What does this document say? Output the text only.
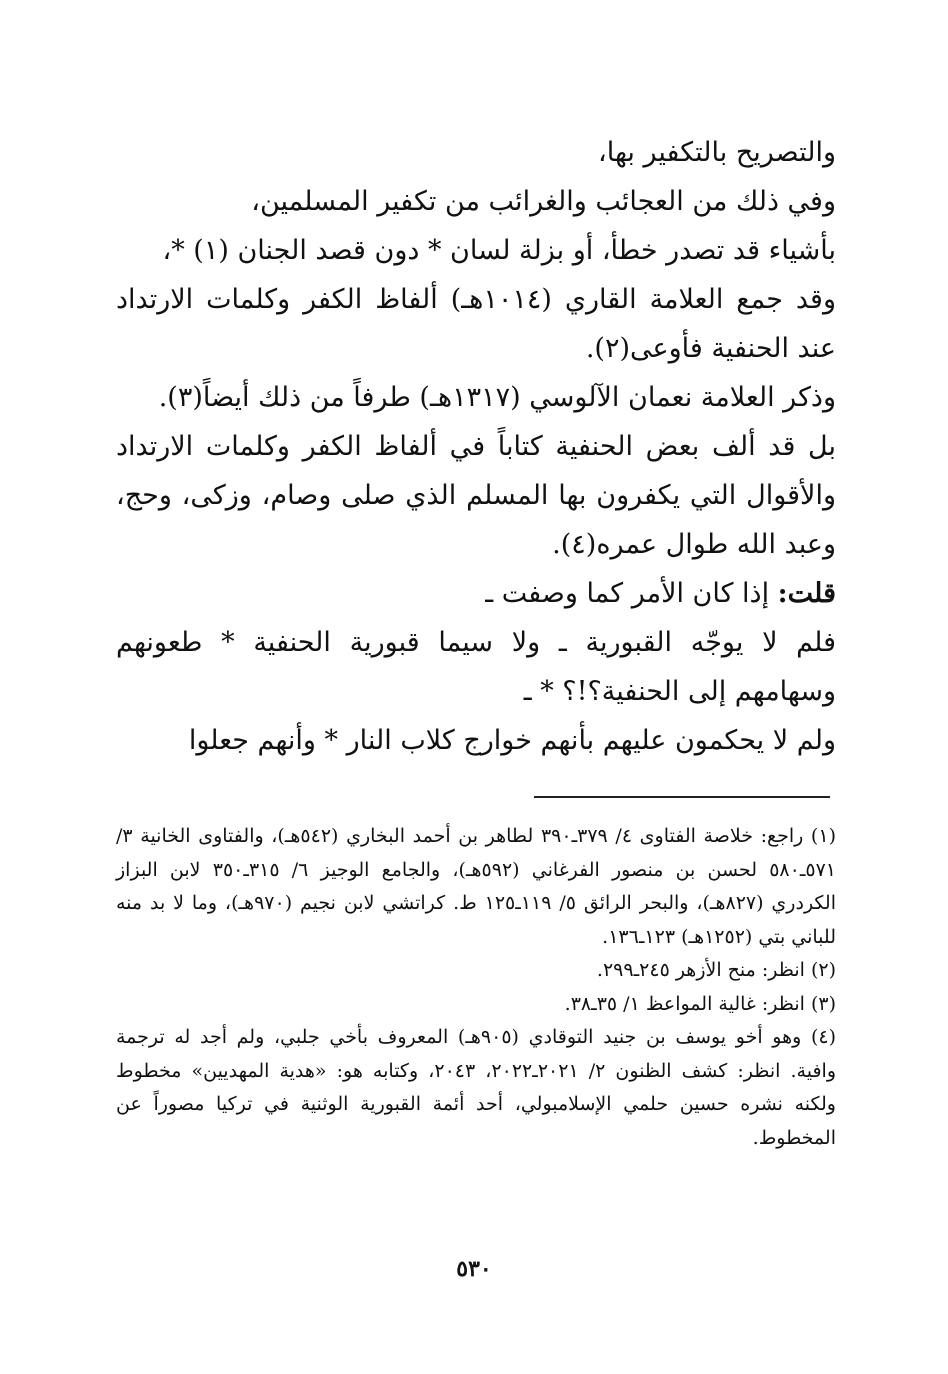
والتصريح بالتكفير بها،

وفي ذلك من العجائب والغرائب من تكفير المسلمين،

بأشياء قد تصدر خطأ، أو بزلة لسان * دون قصد الجنان (١) *،

وقد جمع العلامة القاري (١٠١٤هـ) ألفاظ الكفر وكلمات الارتداد عند الحنفية فأوعى(٢).

وذكر العلامة نعمان الآلوسي (١٣١٧هـ) طرفاً من ذلك أيضاً(٣).

بل قد ألف بعض الحنفية كتاباً في ألفاظ الكفر وكلمات الارتداد والأقوال التي يكفرون بها المسلم الذي صلى وصام، وزكى، وحج، وعبد الله طوال عمره(٤).

قلت: إذا كان الأمر كما وصفت ـ

فلم لا يوجّه القبورية ـ ولا سيما قبورية الحنفية * طعونهم وسهامهم إلى الحنفية؟!؟ * ـ

ولم لا يحكمون عليهم بأنهم خوارج كلاب النار * وأنهم جعلوا

(١) راجع: خلاصة الفتاوى ٤/ ٣٧٩ـ٣٩٠ لطاهر بن أحمد البخاري (٥٤٢هـ)، والفتاوى الخانية ٣/ ٥٧١ـ٥٨٠ لحسن بن منصور الفرغاني (٥٩٢هـ)، والجامع الوجيز ٦/ ٣١٥ـ٣٥٠ لابن البزاز الكردري (٨٢٧هـ)، والبحر الرائق ٥/ ١١٩ـ١٢٥ ط. كراتشي لابن نجيم (٩٧٠هـ)، وما لا بد منه للباني بتي (١٢٥٢هـ) ١٢٣ـ١٣٦.

(٢) انظر: منح الأزهر ٢٤٥ـ٢٩٩.

(٣) انظر: غالية المواعظ ١/ ٣٥ـ٣٨.

(٤) وهو أخو يوسف بن جنيد التوقادي (٩٠٥هـ) المعروف بأخي جلبي، ولم أجد له ترجمة وافية. انظر: كشف الظنون ٢/ ٢٠٢١ـ٢٠٢٢، ٢٠٤٣، وكتابه هو: «هدية المهديين» مخطوط ولكنه نشره حسين حلمي الإسلامبولي، أحد أئمة القبورية الوثنية في تركيا مصوراً عن المخطوط.

٥٣٠
